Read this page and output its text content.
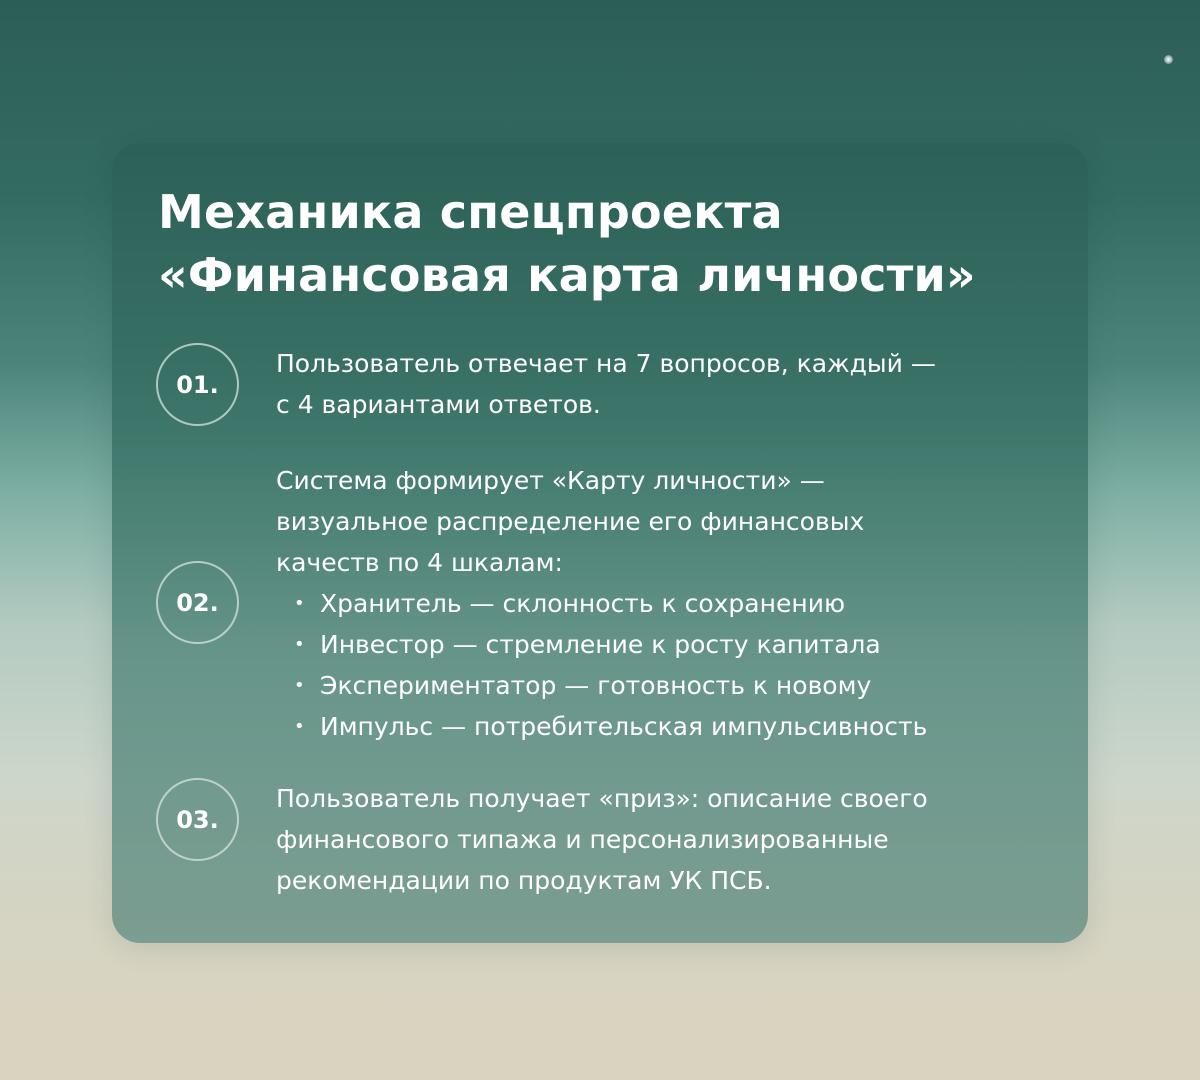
Механика спецпроекта
«Финансовая карта личности»
01.

Пользователь отвечает на 7 вопросов, каждый —
с 4 вариантами ответов.

02.

Система формирует «Карту личности» —
визуальное распределение его финансовых
качеств по 4 шкалам:

• Хранитель — склонность к сохранению
• Инвестор — стремление к росту капитала
• Экспериментатор — готовность к новому
• Импульс — потребительская импульсивность
03.

Пользователь получает «приз»: описание своего
финансового типажа и персонализированные
рекомендации по продуктам УК ПСБ.
